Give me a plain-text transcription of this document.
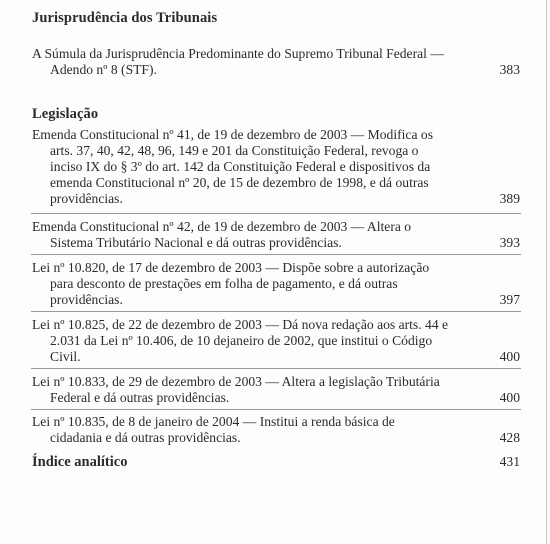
Jurisprudência dos Tribunais
A Súmula da Jurisprudência Predominante do Supremo Tribunal Federal —
Adendo nº 8 (STF).	383
Legislação
Emenda Constitucional nº 41, de 19 de dezembro de 2003 — Modifica os
arts. 37, 40, 42, 48, 96, 149 e 201 da Constituição Federal, revoga o
inciso IX do § 3º do art. 142 da Constituição Federal e dispositivos da
emenda Constitucional nº 20, de 15 de dezembro de 1998, e dá outras
providências.	389
Emenda Constitucional nº 42, de 19 de dezembro de 2003 — Altera o
Sistema Tributário Nacional e dá outras providências.	393
Lei nº 10.820, de 17 de dezembro de 2003 — Dispõe sobre a autorização
para desconto de prestações em folha de pagamento, e dá outras
providências.	397
Lei nº 10.825, de 22 de dezembro de 2003 — Dá nova redação aos arts. 44 e
2.031 da Lei nº 10.406, de 10 dejaneiro de 2002, que institui o Código
Civil.	400
Lei nº 10.833, de 29 de dezembro de 2003 — Altera a legislação Tributária
Federal e dá outras providências.	400
Lei nº 10.835, de 8 de janeiro de 2004 — Institui a renda básica de
cidadania e dá outras providências.	428
Índice analítico	431
